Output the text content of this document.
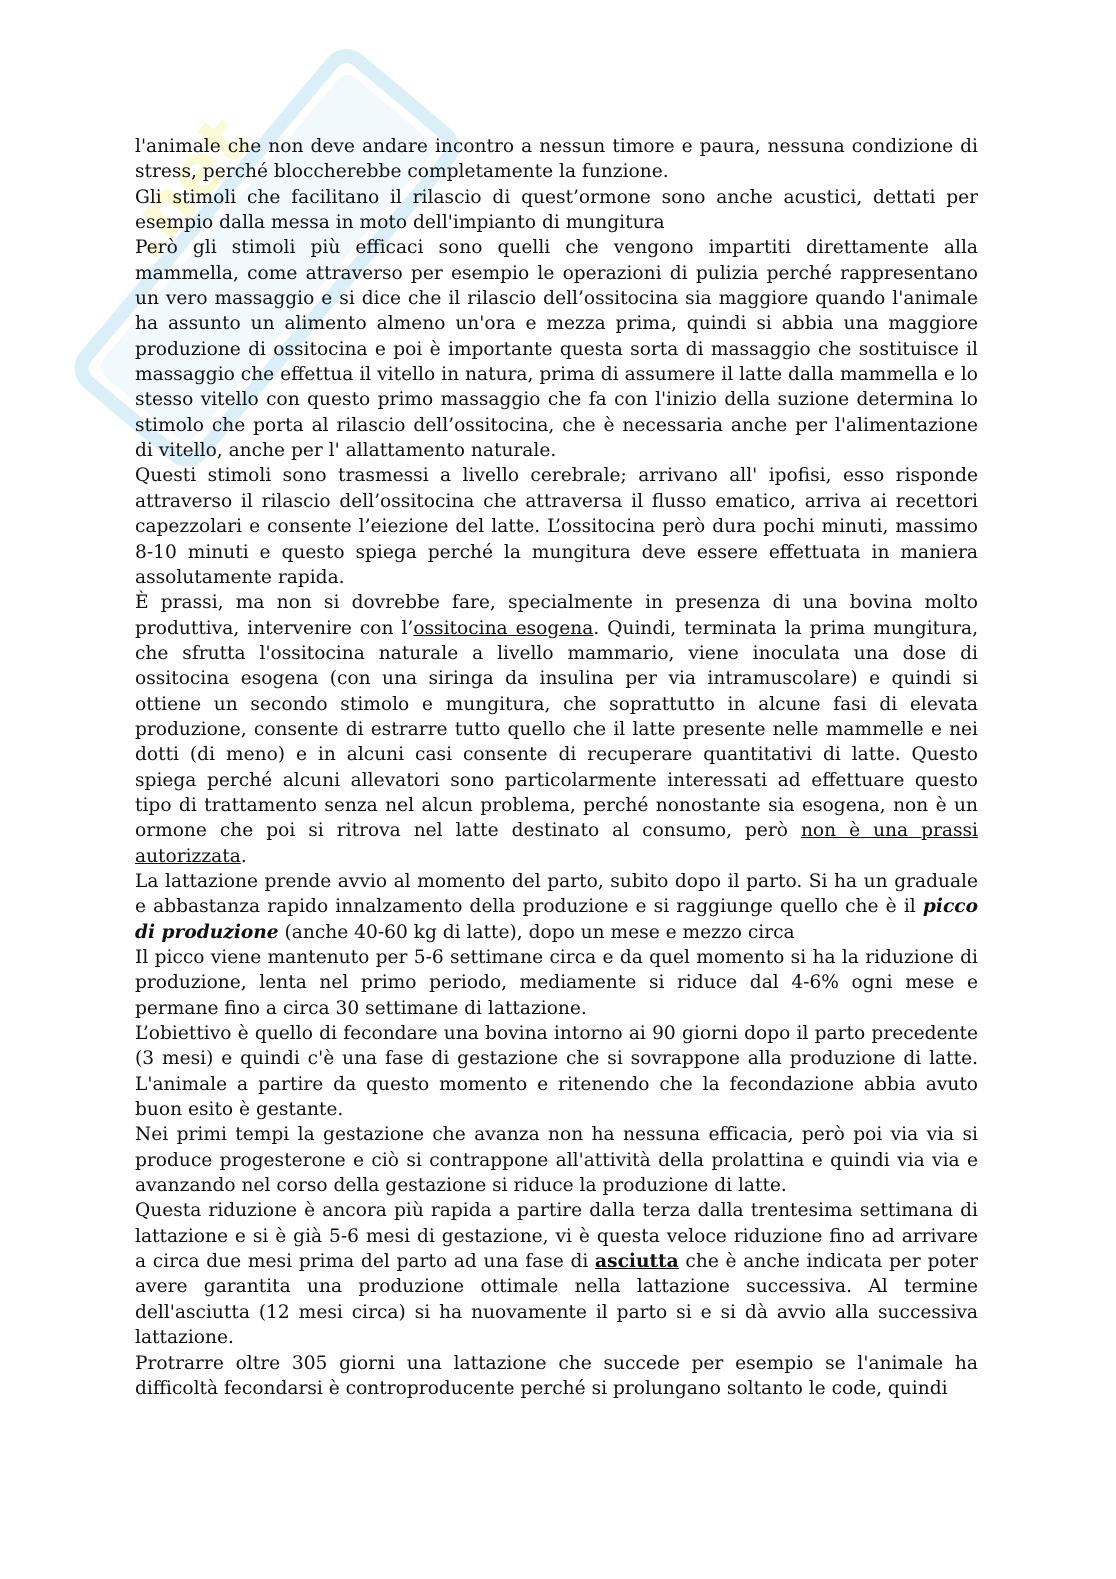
.net

l'animale che non deve andare incontro a nessun timore e paura, nessuna condizione di stress, perché bloccherebbe completamente la funzione.

Gli stimoli che facilitano il rilascio di quest’ormone sono anche acustici, dettati per esempio dalla messa in moto dell'impianto di mungitura

Però gli stimoli più efficaci sono quelli che vengono impartiti direttamente alla mammella, come attraverso per esempio le operazioni di pulizia perché rappresentano un vero massaggio e si dice che il rilascio dell’ossitocina sia maggiore quando l'animale ha assunto un alimento almeno un'ora e mezza prima, quindi si abbia una maggiore produzione di ossitocina e poi è importante questa sorta di massaggio che sostituisce il massaggio che effettua il vitello in natura, prima di assumere il latte dalla mammella e lo stesso vitello con questo primo massaggio che fa con l'inizio della suzione determina lo stimolo che porta al rilascio dell’ossitocina, che è necessaria anche per l'alimentazione di vitello, anche per l' allattamento naturale.

Questi stimoli sono trasmessi a livello cerebrale; arrivano all' ipofisi, esso risponde attraverso il rilascio dell’ossitocina che attraversa il flusso ematico, arriva ai recettori capezzolari e consente l’eiezione del latte. L’ossitocina però dura pochi minuti, massimo 8-10 minuti e questo spiega perché la mungitura deve essere effettuata in maniera assolutamente rapida.

È prassi, ma non si dovrebbe fare, specialmente in presenza di una bovina molto produttiva, intervenire con l’ossitocina esogena. Quindi, terminata la prima mungitura, che sfrutta l'ossitocina naturale a livello mammario, viene inoculata una dose di ossitocina esogena (con una siringa da insulina per via intramuscolare) e quindi si ottiene un secondo stimolo e mungitura, che soprattutto in alcune fasi di elevata produzione, consente di estrarre tutto quello che il latte presente nelle mammelle e nei dotti (di meno) e in alcuni casi consente di recuperare quantitativi di latte. Questo spiega perché alcuni allevatori sono particolarmente interessati ad effettuare questo tipo di trattamento senza nel alcun problema, perché nonostante sia esogena, non è un ormone che poi si ritrova nel latte destinato al consumo, però non è una prassi autorizzata.

La lattazione prende avvio al momento del parto, subito dopo il parto. Si ha un graduale e abbastanza rapido innalzamento della produzione e si raggiunge quello che è il picco di produzione (anche 40-60 kg di latte), dopo un mese e mezzo circa

Il picco viene mantenuto per 5-6 settimane circa e da quel momento si ha la riduzione di produzione, lenta nel primo periodo, mediamente si riduce dal 4-6% ogni mese e permane fino a circa 30 settimane di lattazione.

L’obiettivo è quello di fecondare una bovina intorno ai 90 giorni dopo il parto precedente (3 mesi) e quindi c'è una fase di gestazione che si sovrappone alla produzione di latte. L'animale a partire da questo momento e ritenendo che la fecondazione abbia avuto buon esito è gestante.

Nei primi tempi la gestazione che avanza non ha nessuna efficacia, però poi via via si produce progesterone e ciò si contrappone all'attività della prolattina e quindi via via e avanzando nel corso della gestazione si riduce la produzione di latte.

Questa riduzione è ancora più rapida a partire dalla terza dalla trentesima settimana di lattazione e si è già 5-6 mesi di gestazione, vi è questa veloce riduzione fino ad arrivare a circa due mesi prima del parto ad una fase di asciutta che è anche indicata per poter avere garantita una produzione ottimale nella lattazione successiva. Al termine dell'asciutta (12 mesi circa) si ha nuovamente il parto si e si dà avvio alla successiva lattazione.

Protrarre oltre 305 giorni una lattazione che succede per esempio se l'animale ha difficoltà fecondarsi è controproducente perché si prolungano soltanto le code, quindi
